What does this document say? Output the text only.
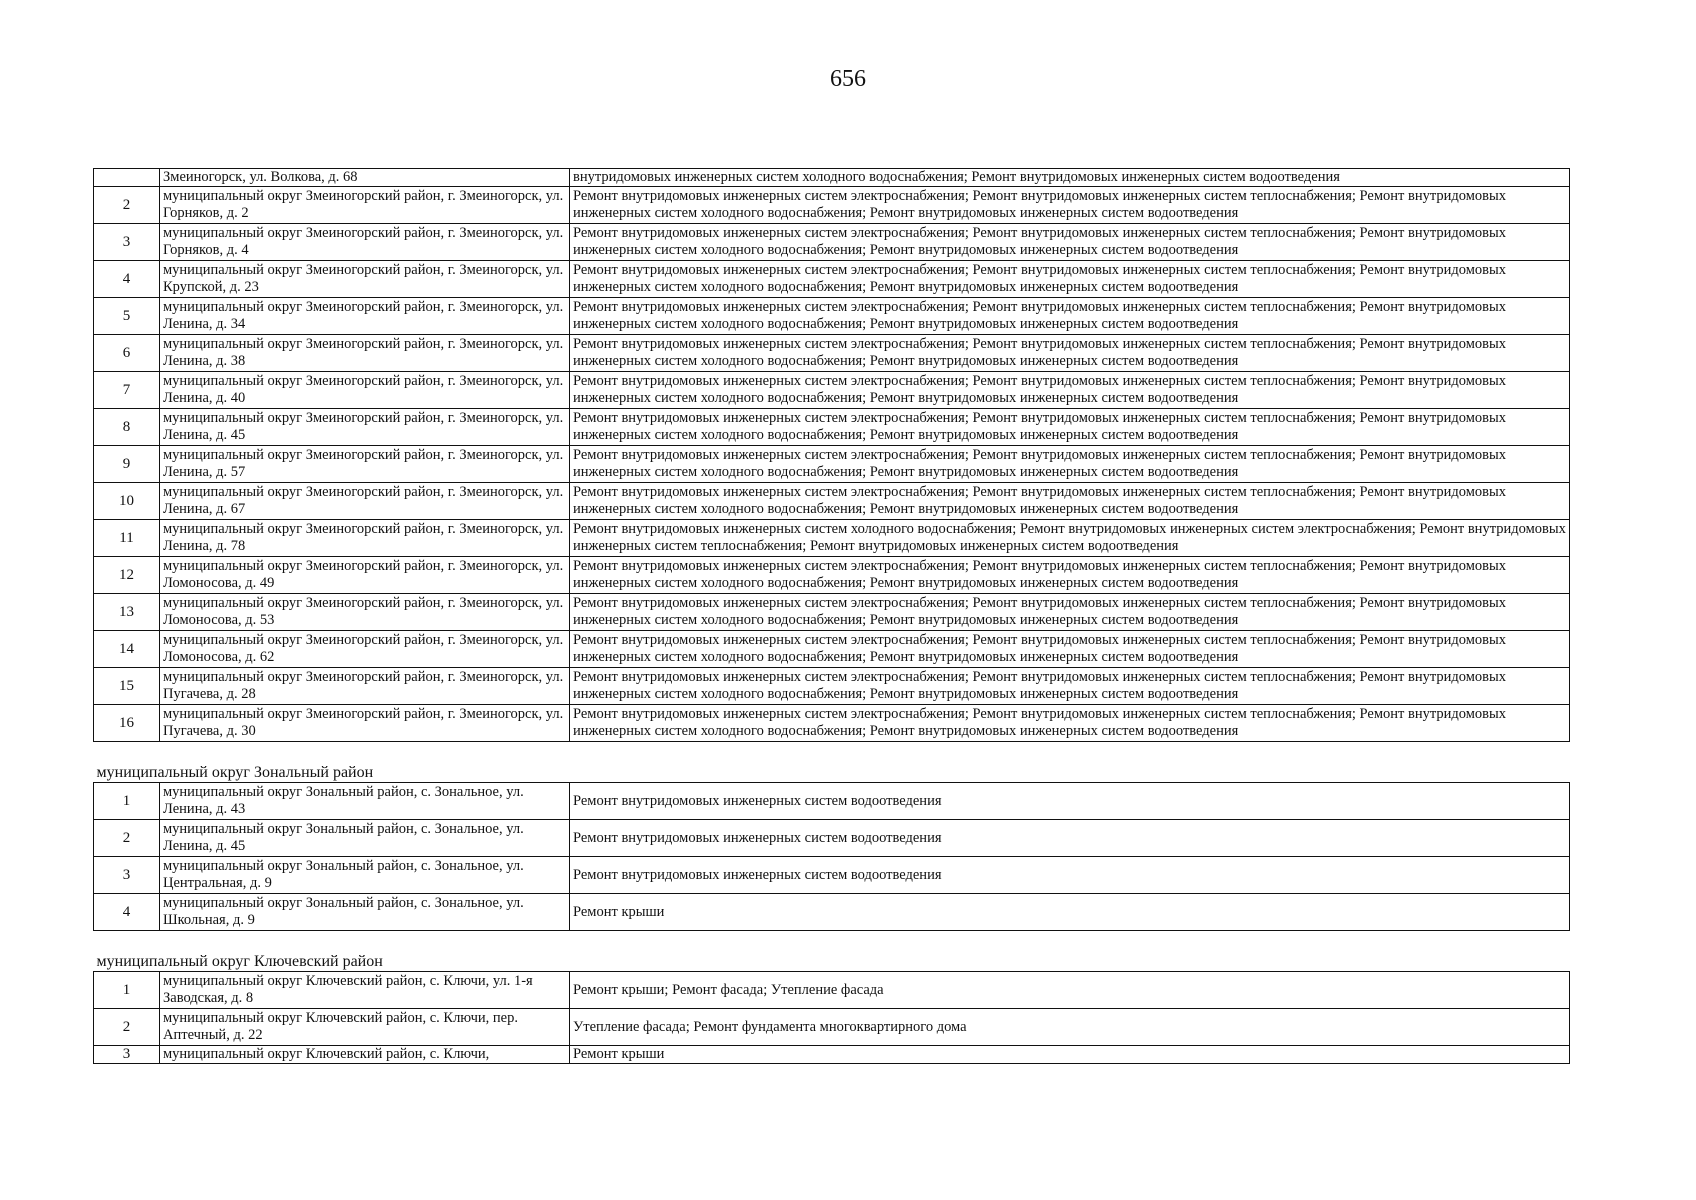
656
	Змеиногорск, ул. Волкова, д. 68	внутридомовых инженерных систем холодного водоснабжения; Ремонт внутридомовых инженерных систем водоотведения
2	муниципальный округ Змеиногорский район, г. Змеиногорск, ул. Горняков, д. 2	Ремонт внутридомовых инженерных систем электроснабжения; Ремонт внутридомовых инженерных систем теплоснабжения; Ремонт внутридомовых инженерных систем холодного водоснабжения; Ремонт внутридомовых инженерных систем водоотведения
3	муниципальный округ Змеиногорский район, г. Змеиногорск, ул. Горняков, д. 4	Ремонт внутридомовых инженерных систем электроснабжения; Ремонт внутридомовых инженерных систем теплоснабжения; Ремонт внутридомовых инженерных систем холодного водоснабжения; Ремонт внутридомовых инженерных систем водоотведения
4	муниципальный округ Змеиногорский район, г. Змеиногорск, ул. Крупской, д. 23	Ремонт внутридомовых инженерных систем электроснабжения; Ремонт внутридомовых инженерных систем теплоснабжения; Ремонт внутридомовых инженерных систем холодного водоснабжения; Ремонт внутридомовых инженерных систем водоотведения
5	муниципальный округ Змеиногорский район, г. Змеиногорск, ул. Ленина, д. 34	Ремонт внутридомовых инженерных систем электроснабжения; Ремонт внутридомовых инженерных систем теплоснабжения; Ремонт внутридомовых инженерных систем холодного водоснабжения; Ремонт внутридомовых инженерных систем водоотведения
6	муниципальный округ Змеиногорский район, г. Змеиногорск, ул. Ленина, д. 38	Ремонт внутридомовых инженерных систем электроснабжения; Ремонт внутридомовых инженерных систем теплоснабжения; Ремонт внутридомовых инженерных систем холодного водоснабжения; Ремонт внутридомовых инженерных систем водоотведения
7	муниципальный округ Змеиногорский район, г. Змеиногорск, ул. Ленина, д. 40	Ремонт внутридомовых инженерных систем электроснабжения; Ремонт внутридомовых инженерных систем теплоснабжения; Ремонт внутридомовых инженерных систем холодного водоснабжения; Ремонт внутридомовых инженерных систем водоотведения
8	муниципальный округ Змеиногорский район, г. Змеиногорск, ул. Ленина, д. 45	Ремонт внутридомовых инженерных систем электроснабжения; Ремонт внутридомовых инженерных систем теплоснабжения; Ремонт внутридомовых инженерных систем холодного водоснабжения; Ремонт внутридомовых инженерных систем водоотведения
9	муниципальный округ Змеиногорский район, г. Змеиногорск, ул. Ленина, д. 57	Ремонт внутридомовых инженерных систем электроснабжения; Ремонт внутридомовых инженерных систем теплоснабжения; Ремонт внутридомовых инженерных систем холодного водоснабжения; Ремонт внутридомовых инженерных систем водоотведения
10	муниципальный округ Змеиногорский район, г. Змеиногорск, ул. Ленина, д. 67	Ремонт внутридомовых инженерных систем электроснабжения; Ремонт внутридомовых инженерных систем теплоснабжения; Ремонт внутридомовых инженерных систем холодного водоснабжения; Ремонт внутридомовых инженерных систем водоотведения
11	муниципальный округ Змеиногорский район, г. Змеиногорск, ул. Ленина, д. 78	Ремонт внутридомовых инженерных систем холодного водоснабжения; Ремонт внутридомовых инженерных систем электроснабжения; Ремонт внутридомовых инженерных систем теплоснабжения; Ремонт внутридомовых инженерных систем водоотведения
12	муниципальный округ Змеиногорский район, г. Змеиногорск, ул. Ломоносова, д. 49	Ремонт внутридомовых инженерных систем электроснабжения; Ремонт внутридомовых инженерных систем теплоснабжения; Ремонт внутридомовых инженерных систем холодного водоснабжения; Ремонт внутридомовых инженерных систем водоотведения
13	муниципальный округ Змеиногорский район, г. Змеиногорск, ул. Ломоносова, д. 53	Ремонт внутридомовых инженерных систем электроснабжения; Ремонт внутридомовых инженерных систем теплоснабжения; Ремонт внутридомовых инженерных систем холодного водоснабжения; Ремонт внутридомовых инженерных систем водоотведения
14	муниципальный округ Змеиногорский район, г. Змеиногорск, ул. Ломоносова, д. 62	Ремонт внутридомовых инженерных систем электроснабжения; Ремонт внутридомовых инженерных систем теплоснабжения; Ремонт внутридомовых инженерных систем холодного водоснабжения; Ремонт внутридомовых инженерных систем водоотведения
15	муниципальный округ Змеиногорский район, г. Змеиногорск, ул. Пугачева, д. 28	Ремонт внутридомовых инженерных систем электроснабжения; Ремонт внутридомовых инженерных систем теплоснабжения; Ремонт внутридомовых инженерных систем холодного водоснабжения; Ремонт внутридомовых инженерных систем водоотведения
16	муниципальный округ Змеиногорский район, г. Змеиногорск, ул. Пугачева, д. 30	Ремонт внутридомовых инженерных систем электроснабжения; Ремонт внутридомовых инженерных систем теплоснабжения; Ремонт внутридомовых инженерных систем холодного водоснабжения; Ремонт внутридомовых инженерных систем водоотведения

муниципальный округ Зональный район		

1	муниципальный округ Зональный район, с. Зональное, ул. Ленина, д. 43	Ремонт внутридомовых инженерных систем водоотведения
2	муниципальный округ Зональный район, с. Зональное, ул. Ленина, д. 45	Ремонт внутридомовых инженерных систем водоотведения
3	муниципальный округ Зональный район, с. Зональное, ул. Центральная, д. 9	Ремонт внутридомовых инженерных систем водоотведения
4	муниципальный округ Зональный район, с. Зональное, ул. Школьная, д. 9	Ремонт крыши

муниципальный округ Ключевский район		

1	муниципальный округ Ключевский район, с. Ключи, ул. 1-я Заводская, д. 8	Ремонт крыши; Ремонт фасада; Утепление фасада
2	муниципальный округ Ключевский район, с. Ключи, пер. Аптечный, д. 22	Утепление фасада; Ремонт фундамента многоквартирного дома
3	муниципальный округ Ключевский район, с. Ключи,	Ремонт крыши
